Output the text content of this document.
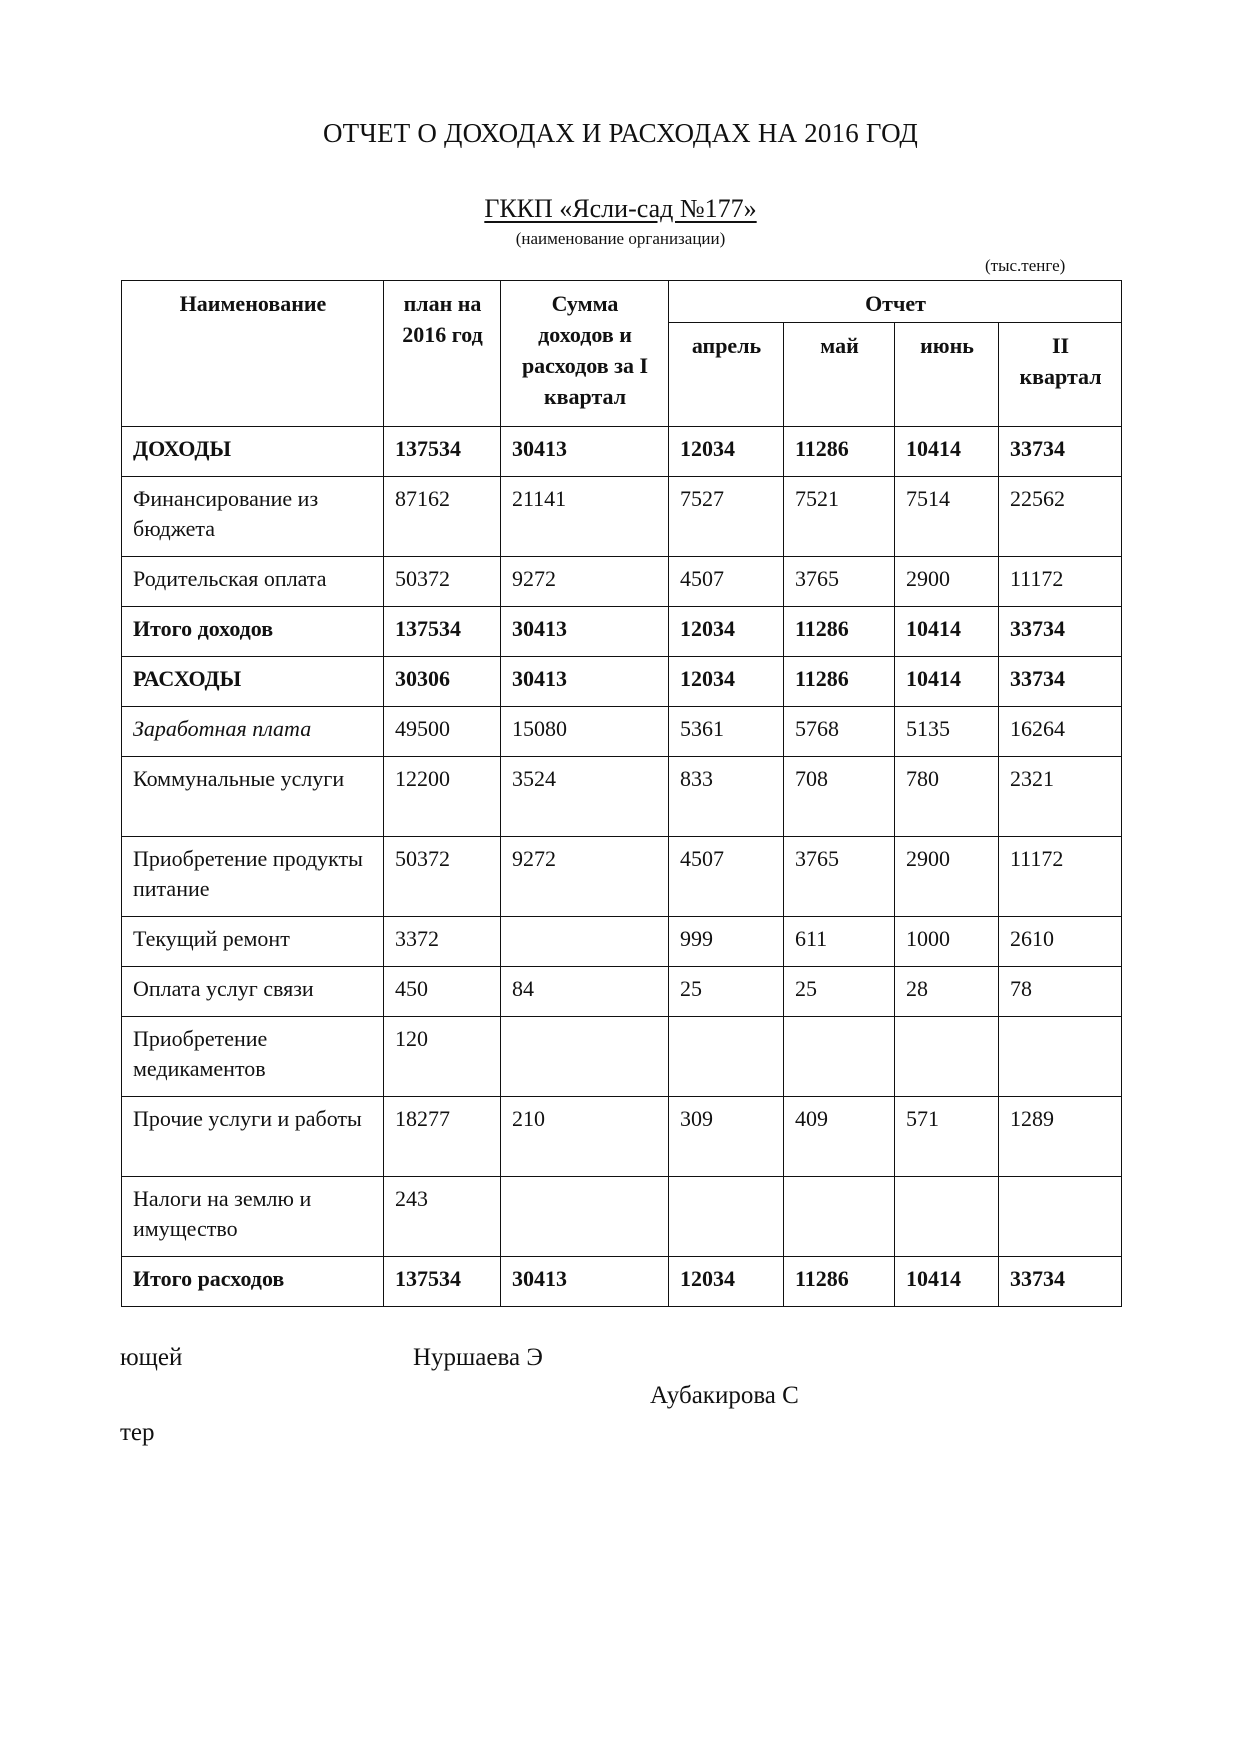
ОТЧЕТ О ДОХОДАХ И РАСХОДАХ НА 2016 ГОД
ГККП «Ясли-сад №177»
(наименование организации)
(тыс.тенге)
Наименование	план на 2016 год	Сумма доходов и расходов за I квартал	Отчет			
			апрель	май	июнь	II квартал
ДОХОДЫ	137534	30413	12034	11286	10414	33734
Финансирование из бюджета	87162	21141	7527	7521	7514	22562
Родительская оплата	50372	9272	4507	3765	2900	11172
Итого доходов	137534	30413	12034	11286	10414	33734
РАСХОДЫ	30306	30413	12034	11286	10414	33734
Заработная плата	49500	15080	5361	5768	5135	16264
Коммунальные услуги	12200	3524	833	708	780	2321
Приобретение продукты питание	50372	9272	4507	3765	2900	11172
Текущий ремонт	3372		999	611	1000	2610
Оплата услуг связи	450	84	25	25	28	78
Приобретение медикаментов	120					
Прочие услуги и работы	18277	210	309	409	571	1289
Налоги на землю и имущество	243					
Итого расходов	137534	30413	12034	11286	10414	33734
ющей	Нуршаева Э
Аубакирова С
тер
